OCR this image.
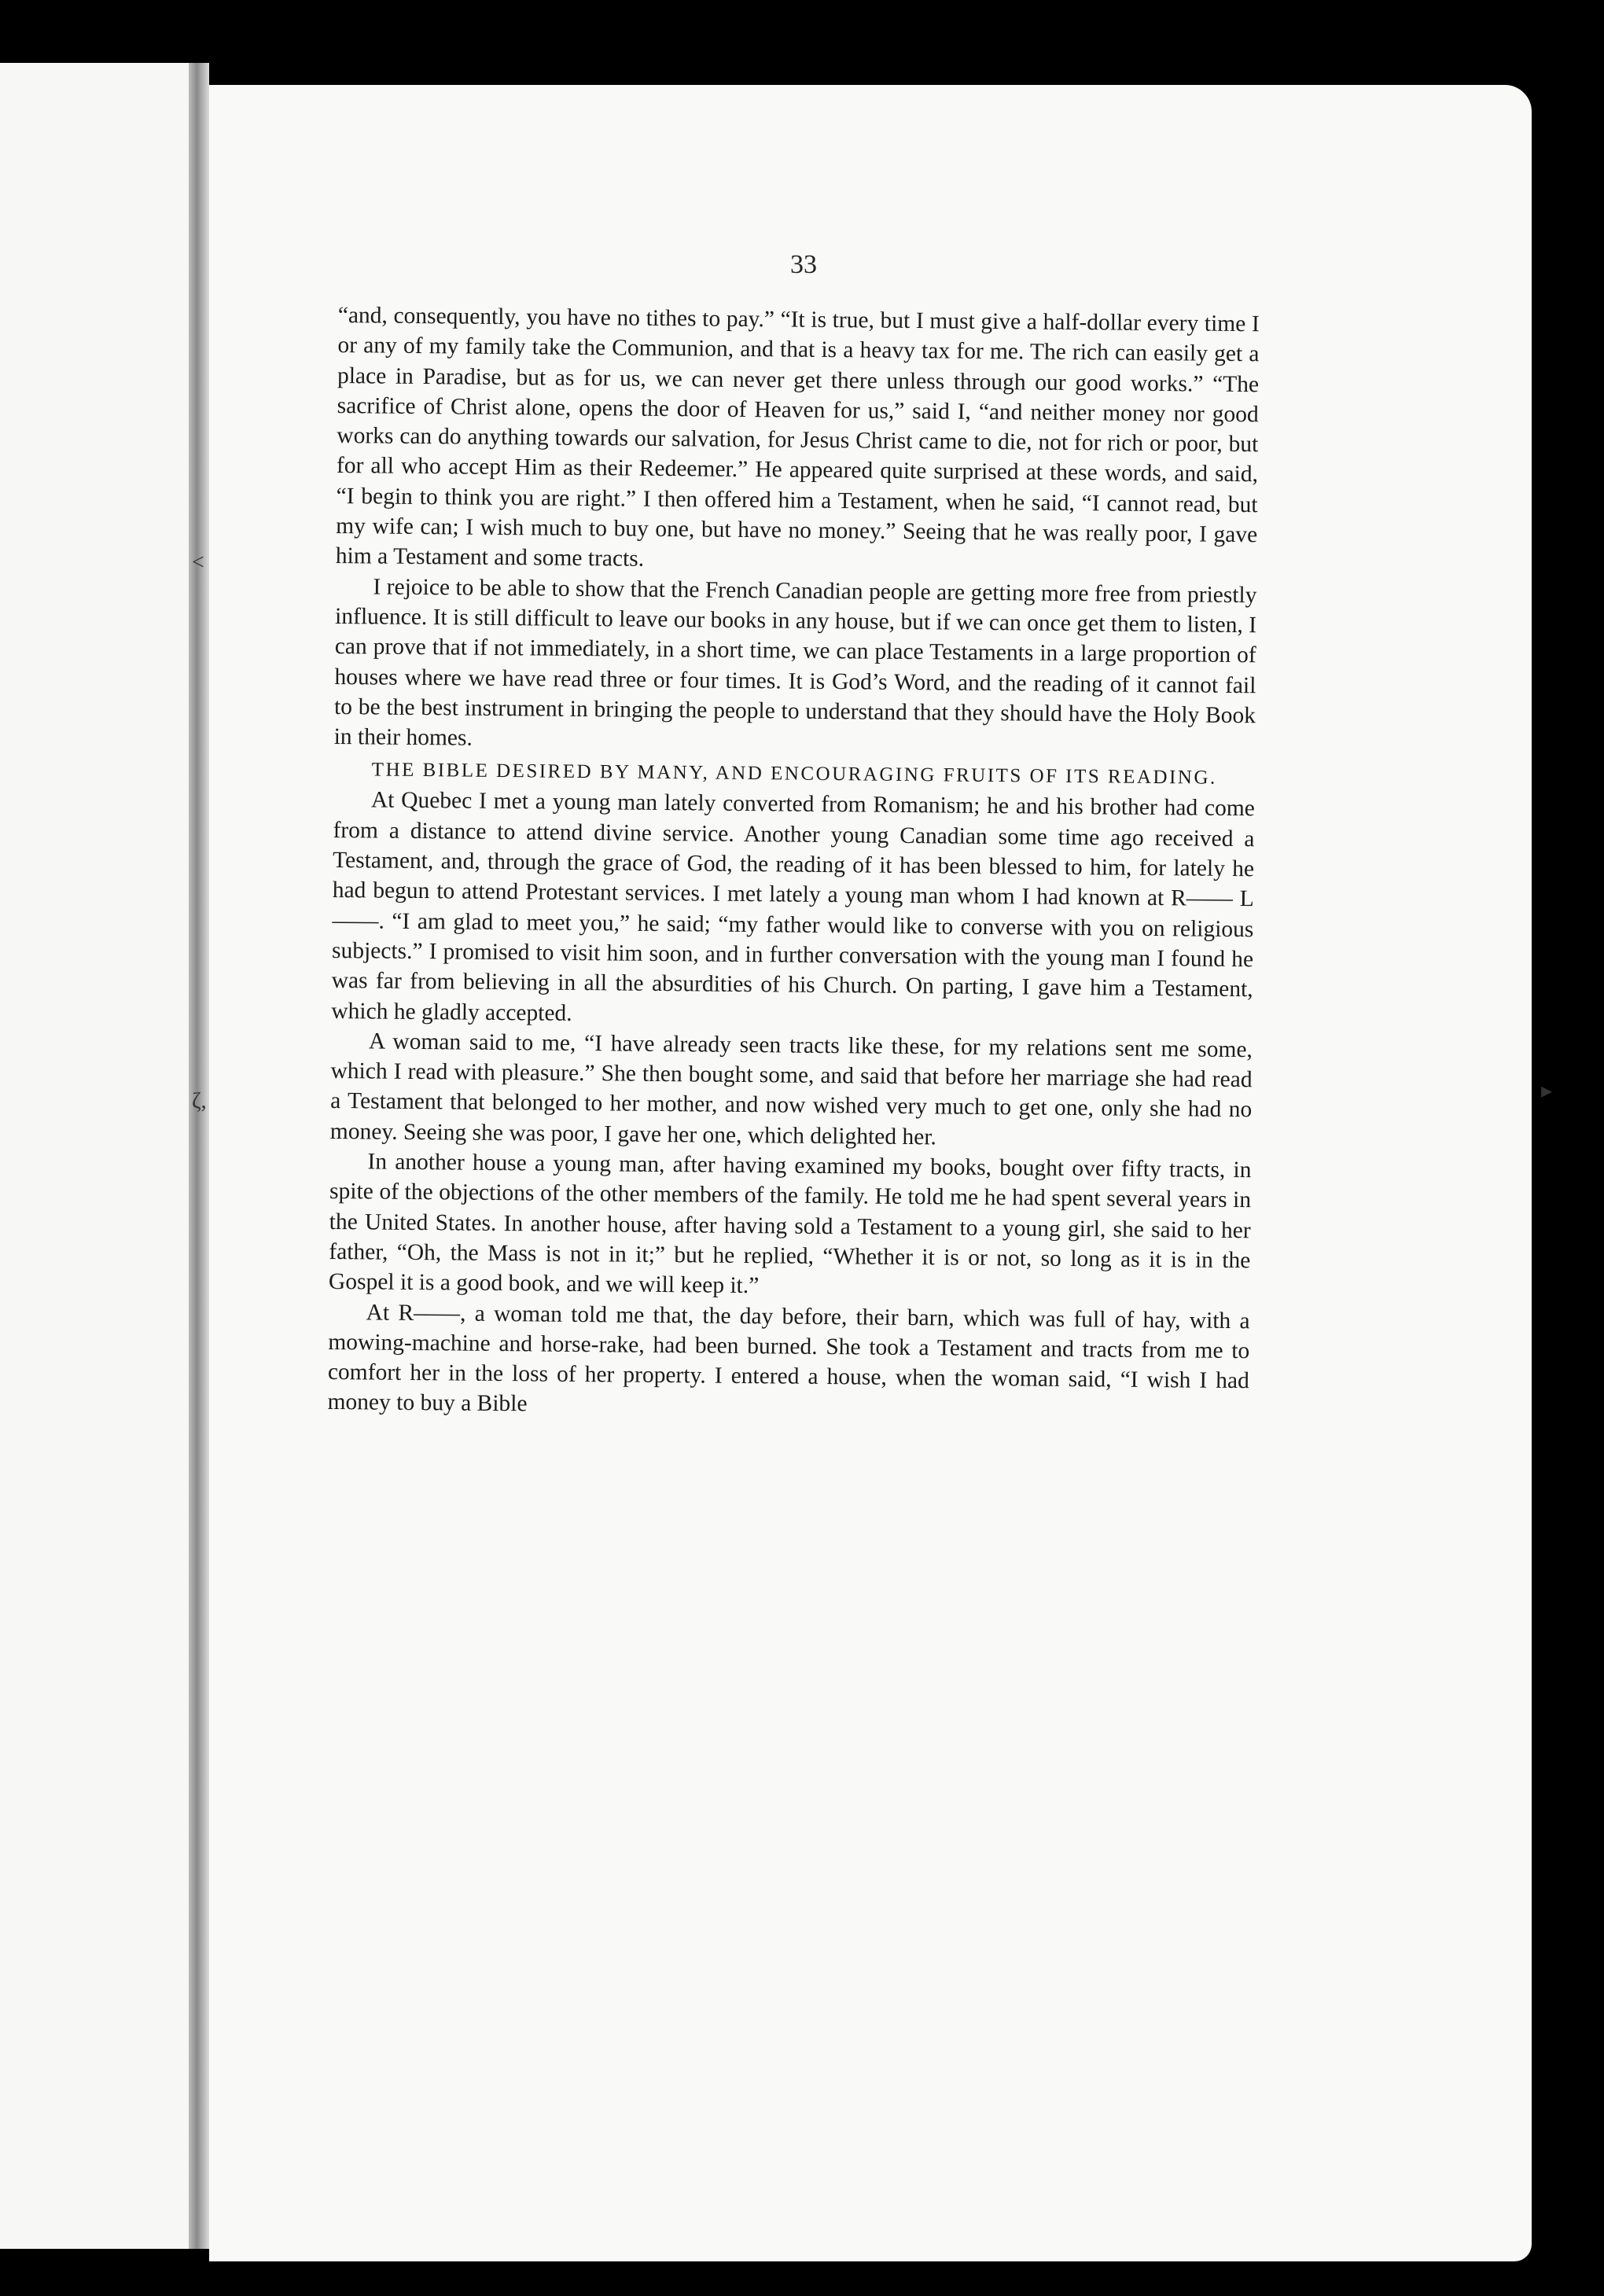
33

“and, consequently, you have no tithes to pay.” “It is true, but I must give a half-dollar every time I or any of my family take the Communion, and that is a heavy tax for me. The rich can easily get a place in Paradise, but as for us, we can never get there unless through our good works.” “The sacrifice of Christ alone, opens the door of Heaven for us,” said I, “and neither money nor good works can do anything towards our salvation, for Jesus Christ came to die, not for rich or poor, but for all who accept Him as their Redeemer.” He appeared quite surprised at these words, and said, “I begin to think you are right.” I then offered him a Testament, when he said, “I cannot read, but my wife can; I wish much to buy one, but have no money.” Seeing that he was really poor, I gave him a Testament and some tracts.

I rejoice to be able to show that the French Canadian people are getting more free from priestly influence. It is still difficult to leave our books in any house, but if we can once get them to listen, I can prove that if not immediately, in a short time, we can place Testaments in a large proportion of houses where we have read three or four times. It is God’s Word, and the reading of it cannot fail to be the best instrument in bringing the people to understand that they should have the Holy Book in their homes.

THE BIBLE DESIRED BY MANY, AND ENCOURAGING FRUITS OF ITS READING.

At Quebec I met a young man lately converted from Romanism; he and his brother had come from a distance to attend divine service. Another young Canadian some time ago received a Testament, and, through the grace of God, the reading of it has been blessed to him, for lately he had begun to attend Protestant services. I met lately a young man whom I had known at R—— L——. “I am glad to meet you,” he said; “my father would like to converse with you on religious subjects.” I promised to visit him soon, and in further conversation with the young man I found he was far from believing in all the absurdities of his Church. On parting, I gave him a Testament, which he gladly accepted.

A woman said to me, “I have already seen tracts like these, for my relations sent me some, which I read with pleasure.” She then bought some, and said that before her marriage she had read a Testament that belonged to her mother, and now wished very much to get one, only she had no money. Seeing she was poor, I gave her one, which delighted her.

In another house a young man, after having examined my books, bought over fifty tracts, in spite of the objections of the other members of the family. He told me he had spent several years in the United States. In another house, after having sold a Testament to a young girl, she said to her father, “Oh, the Mass is not in it;” but he replied, “Whether it is or not, so long as it is in the Gospel it is a good book, and we will keep it.”

At R——, a woman told me that, the day before, their barn, which was full of hay, with a mowing-machine and horse-rake, had been burned. She took a Testament and tracts from me to comfort her in the loss of her property. I entered a house, when the woman said, “I wish I had money to buy a Bible

˂
ζ,	▸
